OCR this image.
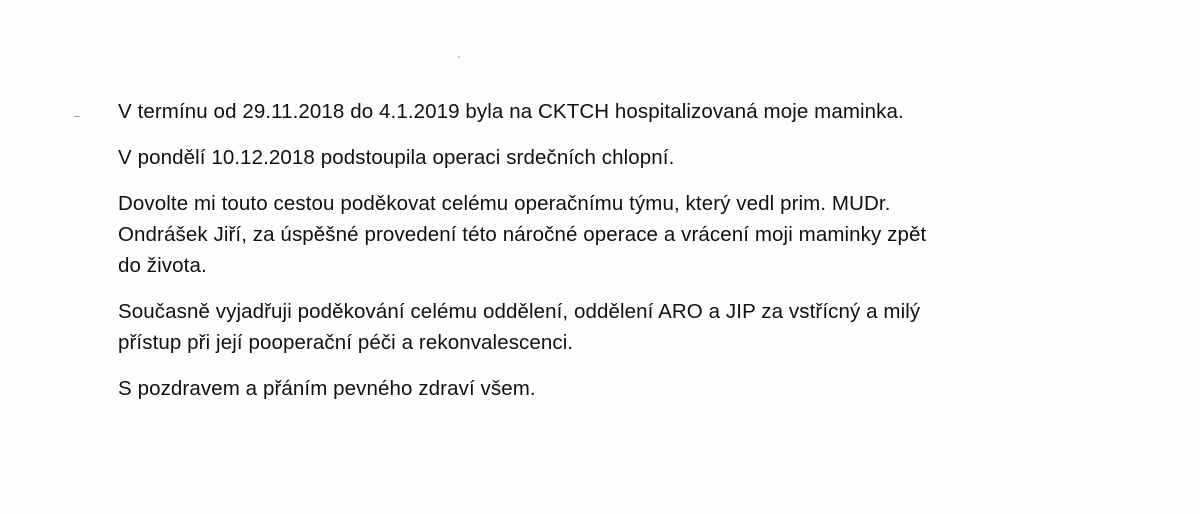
V termínu od 29.11.2018 do 4.1.2019 byla na CKTCH hospitalizovaná moje maminka.

V pondělí 10.12.2018 podstoupila operaci srdečních chlopní.

Dovolte mi touto cestou poděkovat celému operačnímu týmu, který vedl prim. MUDr.
Ondrášek Jiří, za úspěšné provedení této náročné operace a vrácení moji maminky zpět
do života.

Současně vyjadřuji poděkování celému oddělení, oddělení ARO a JIP za vstřícný a milý
přístup při její pooperační péči a rekonvalescenci.

S pozdravem a přáním pevného zdraví všem.
